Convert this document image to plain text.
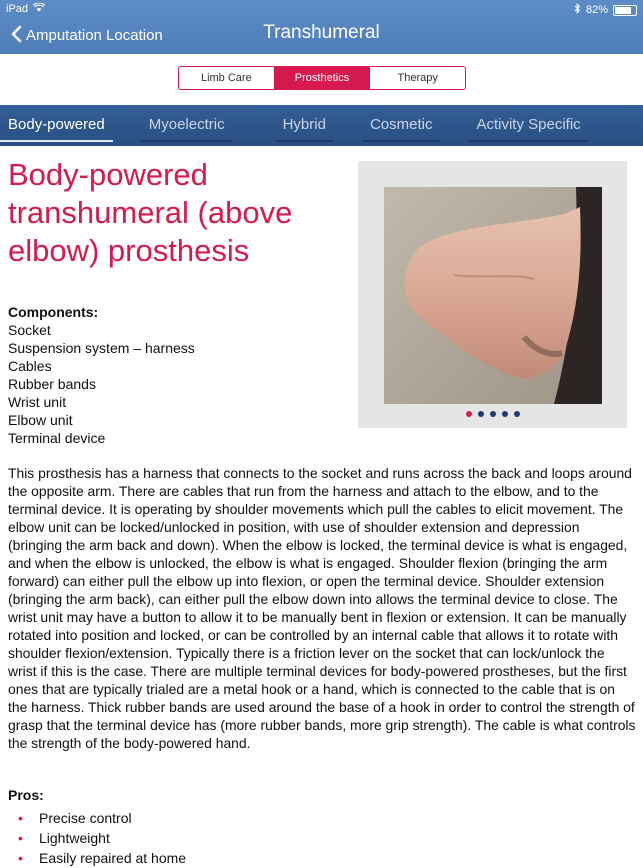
iPad	82%
Amputation Location	Transhumeral
Limb Care	Prosthetics	Therapy
Body-powered	Myoelectric	Hybrid	Cosmetic	Activity Specific
Body-powered transhumeral (above elbow) prosthesis
Components:
Socket
Suspension system – harness
Cables
Rubber bands
Wrist unit
Elbow unit
Terminal device
This prosthesis has a harness that connects to the socket and runs across the back and loops around the opposite arm. There are cables that run from the harness and attach to the elbow, and to the terminal device. It is operating by shoulder movements which pull the cables to elicit movement. The elbow unit can be locked/unlocked in position, with use of shoulder extension and depression (bringing the arm back and down). When the elbow is locked, the terminal device is what is engaged, and when the elbow is unlocked, the elbow is what is engaged. Shoulder flexion (bringing the arm forward) can either pull the elbow up into flexion, or open the terminal device. Shoulder extension (bringing the arm back), can either pull the elbow down into allows the terminal device to close. The wrist unit may have a button to allow it to be manually bent in flexion or extension. It can be manually rotated into position and locked, or can be controlled by an internal cable that allows it to rotate with shoulder flexion/extension. Typically there is a friction lever on the socket that can lock/unlock the wrist if this is the case. There are multiple terminal devices for body-powered prostheses, but the first ones that are typically trialed are a metal hook or a hand, which is connected to the cable that is on the harness. Thick rubber bands are used around the base of a hook in order to control the strength of grasp that the terminal device has (more rubber bands, more grip strength). The cable is what controls the strength of the body-powered hand.
Pros:
• Precise control
• Lightweight
• Easily repaired at home
